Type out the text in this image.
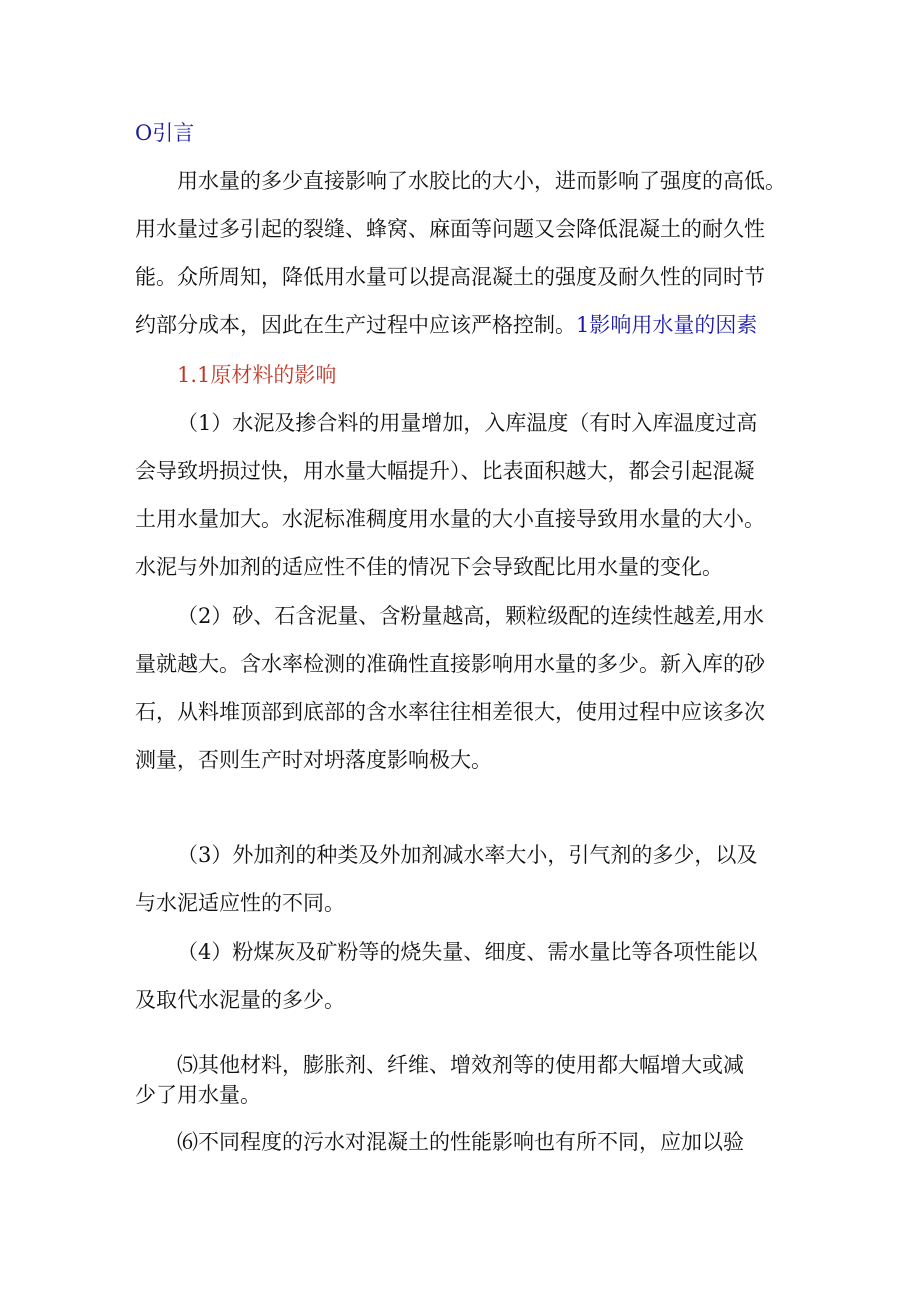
O引言

用水量的多少直接影响了水胶比的大小，进而影响了强度的高低。

用水量过多引起的裂缝、蜂窝、麻面等问题又会降低混凝土的耐久性

能。众所周知，降低用水量可以提高混凝土的强度及耐久性的同时节

约部分成本，因此在生产过程中应该严格控制。1影响用水量的因素

1.1原材料的影响

（1）水泥及掺合料的用量增加，入库温度（有时入库温度过高

会导致坍损过快，用水量大幅提升）、比表面积越大，都会引起混凝

土用水量加大。水泥标准稠度用水量的大小直接导致用水量的大小。

水泥与外加剂的适应性不佳的情况下会导致配比用水量的变化。

（2）砂、石含泥量、含粉量越高，颗粒级配的连续性越差,用水

量就越大。含水率检测的准确性直接影响用水量的多少。新入库的砂

石，从料堆顶部到底部的含水率往往相差很大，使用过程中应该多次

测量，否则生产时对坍落度影响极大。

（3）外加剂的种类及外加剂减水率大小，引气剂的多少，以及

与水泥适应性的不同。

（4）粉煤灰及矿粉等的烧失量、细度、需水量比等各项性能以

及取代水泥量的多少。

⑸其他材料，膨胀剂、纤维、增效剂等的使用都大幅增大或减

少了用水量。

⑹不同程度的污水对混凝土的性能影响也有所不同，应加以验
